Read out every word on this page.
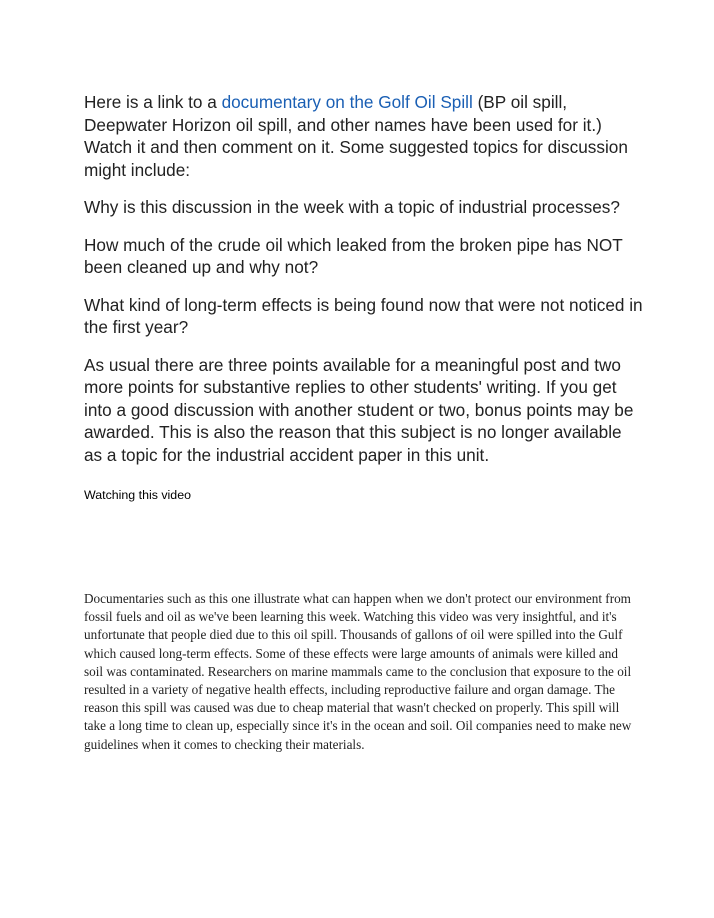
Here is a link to a documentary on the Golf Oil Spill (BP oil spill, Deepwater Horizon oil spill, and other names have been used for it.) Watch it and then comment on it. Some suggested topics for discussion might include:

Why is this discussion in the week with a topic of industrial processes?

How much of the crude oil which leaked from the broken pipe has NOT been cleaned up and why not?

What kind of long-term effects is being found now that were not noticed in the first year?

As usual there are three points available for a meaningful post and two more points for substantive replies to other students' writing. If you get into a good discussion with another student or two, bonus points may be awarded. This is also the reason that this subject is no longer available as a topic for the industrial accident paper in this unit.

Watching this video

Documentaries such as this one illustrate what can happen when we don't protect our environment from fossil fuels and oil as we've been learning this week. Watching this video was very insightful, and it's unfortunate that people died due to this oil spill. Thousands of gallons of oil were spilled into the Gulf which caused long-term effects. Some of these effects were large amounts of animals were killed and soil was contaminated. Researchers on marine mammals came to the conclusion that exposure to the oil resulted in a variety of negative health effects, including reproductive failure and organ damage. The reason this spill was caused was due to cheap material that wasn't checked on properly. This spill will take a long time to clean up, especially since it's in the ocean and soil. Oil companies need to make new guidelines when it comes to checking their materials.
